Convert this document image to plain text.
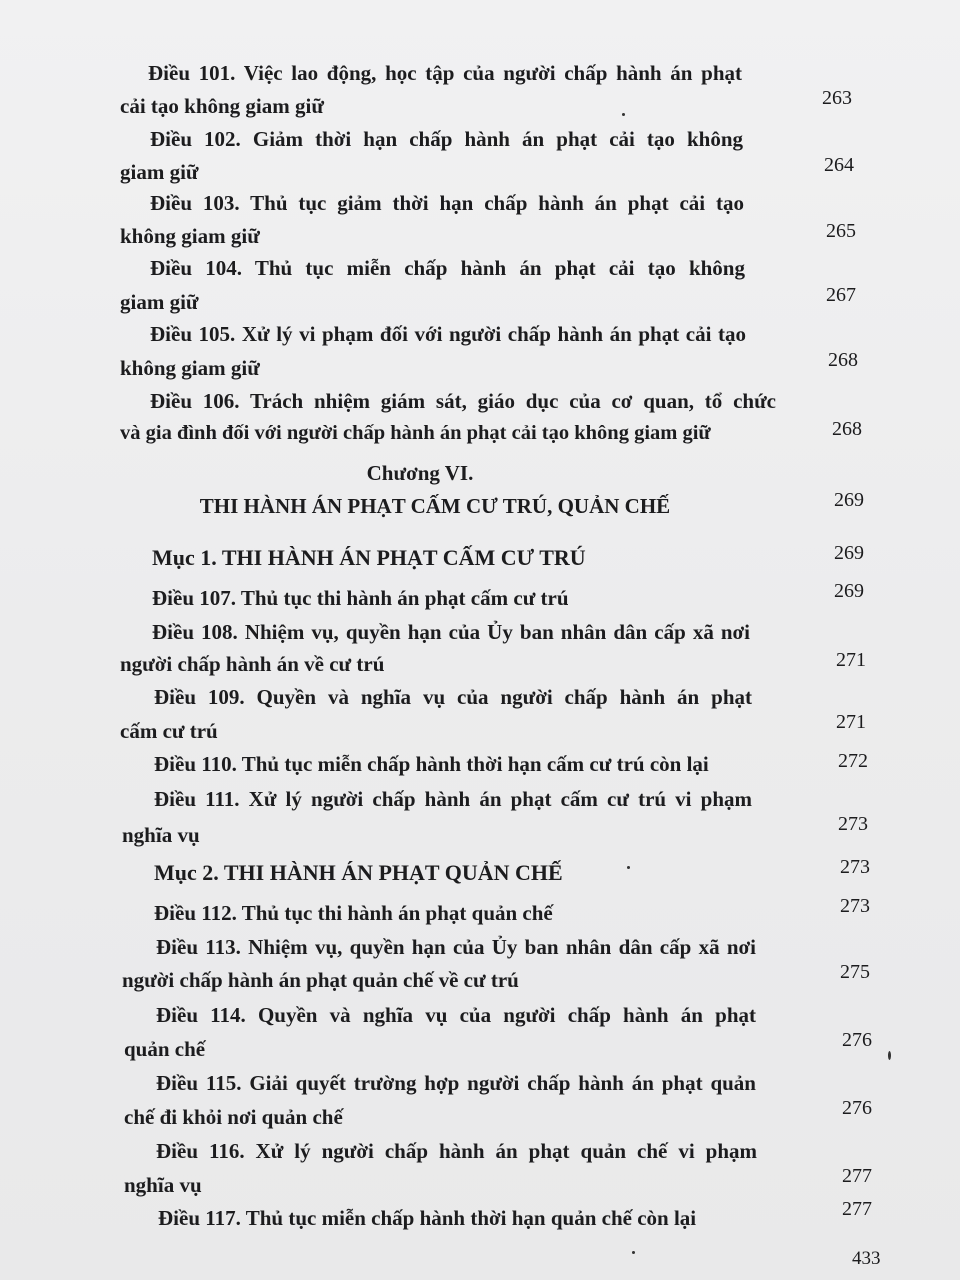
Điều 101. Việc lao động, học tập của người chấp hành án phạt
cải tạo không giam giữ	263
Điều 102. Giảm thời hạn chấp hành án phạt cải tạo không
giam giữ	264
Điều 103. Thủ tục giảm thời hạn chấp hành án phạt cải tạo
không giam giữ	265
Điều 104. Thủ tục miễn chấp hành án phạt cải tạo không
giam giữ	267
Điều 105. Xử lý vi phạm đối với người chấp hành án phạt cải tạo
không giam giữ	268
Điều 106. Trách nhiệm giám sát, giáo dục của cơ quan, tổ chức
và gia đình đối với người chấp hành án phạt cải tạo không giam giữ	268
Chương VI.
THI HÀNH ÁN PHẠT CẤM CƯ TRÚ, QUẢN CHẾ	269
Mục 1. THI HÀNH ÁN PHẠT CẤM CƯ TRÚ	269
Điều 107. Thủ tục thi hành án phạt cấm cư trú	269
Điều 108. Nhiệm vụ, quyền hạn của Ủy ban nhân dân cấp xã nơi
người chấp hành án về cư trú	271
Điều 109. Quyền và nghĩa vụ của người chấp hành án phạt
cấm cư trú	271
Điều 110. Thủ tục miễn chấp hành thời hạn cấm cư trú còn lại	272
Điều 111. Xử lý người chấp hành án phạt cấm cư trú vi phạm
nghĩa vụ	273
Mục 2. THI HÀNH ÁN PHẠT QUẢN CHẾ	273
Điều 112. Thủ tục thi hành án phạt quản chế	273
Điều 113. Nhiệm vụ, quyền hạn của Ủy ban nhân dân cấp xã nơi
người chấp hành án phạt quản chế về cư trú	275
Điều 114. Quyền và nghĩa vụ của người chấp hành án phạt
quản chế	276
Điều 115. Giải quyết trường hợp người chấp hành án phạt quản
chế đi khỏi nơi quản chế	276
Điều 116. Xử lý người chấp hành án phạt quản chế vi phạm
nghĩa vụ	277
Điều 117. Thủ tục miễn chấp hành thời hạn quản chế còn lại	277
433
